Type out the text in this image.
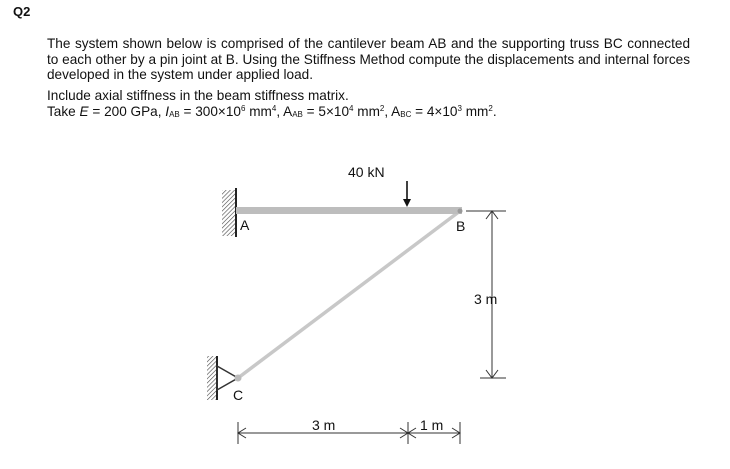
Q2
The system shown below is comprised of the cantilever beam AB and the supporting truss BC connected to each other by a pin joint at B. Using the Stiffness Method compute the displacements and internal forces developed in the system under applied load.
Include axial stiffness in the beam stiffness matrix.
Take E = 200 GPa, $I_{AB} = 300\times 10^6$ $mm^4$, $A_{AB} = 5\times 10^4$ $mm^2$, $A_{BC} = 4\times 10^3$ $mm^2$.
40 kN
A	B
C
3 m
3 m	1 m
